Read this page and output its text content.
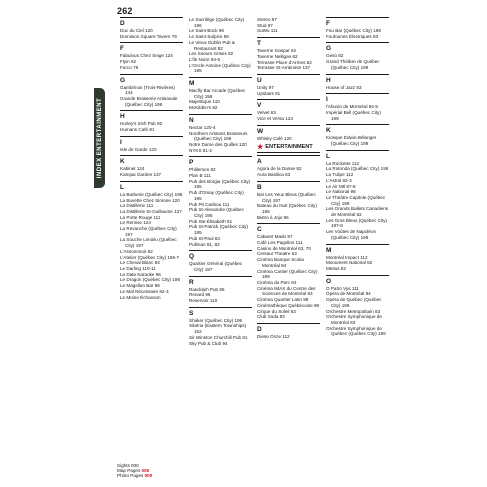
262
INDEX ENTERTAINMENT
D
Duc du Ciel 120
Dominion Square Tavern 79
F
Fabulous Chez Seige 124
Flyin 62
Furco 79
G
Gambrinus (Trois-Rivières) 144
Grande Brasserie Artisanale (Québec City) 196
H
Hurley's Irish Pub 82
Humans Café 81
I
Isle de Garde 120
K
Kabinet 124
Kampai Garden 137
L
La Barberie (Québec City) 196
La Buvette Chez Simone 120
La Distillerie 111
La Distillerie St-Guillaume 137
La Porte Rouge 111
Le Remise 124
La Revanche (Québec City) 197
La Souche Limoilu (Québec City) 197
L'Assommoir 82
L'Atelier (Québec City) 196-7
Le Cheval Blanc 94
Le Darling 110-11
Le Date Karaoke 96
Le Dragon (Québec City) 196
Le Magellan Bar 96
Le Mal Nécessaire 82-3
Le Moine Échanson
Le Sacrilège (Québec City) 196
Le Saint-Bock 96
Le Saint-Sulpice 96
Le Vieux Dublin Pub & Restaurant 82
Les Soeurs Grises 82
L'Île Noire 94-5
L'Oncle Antoine (Québec City) 195
M
Macfly Bar Arcade (Québec City) 196
Majestique 110
McKibbin's 82
N
Nectar 120-4
Nordhem Artisans Brasseurs (Québec City) 196
Notre Dame des Quilles 120
NYKS 81-2
P
Phillemon 82
Plan B 111
Pub des Borgia (Québec City) 195
Pub d'Orsay (Québec City) 195
Pub Pit Caribou 111
Pub St-Alexandre (Québec City) 195
Pub Ste-Élisabeth 81
Pub St-Patrick (Québec City) 195
Pub St-Paul 63
Pullman 81, 82
Q
Quartier Général (Québec City) 197
R
Randolph Pub 96
Renard 96
Reservoir 110
S
Shaker (Québec City) 195
Sibéria (Eastern Townships) 152
Sir Winston Churchill Pub 81
Sky Pub & Club 94
Stereo 97
Stud 97
SuWu 111
T
Taverne Gaspar 62
Taverne Nelligan 62
Terrasse Place d'Armes 62
Terrasse St-Ambroise 137
U
Unity 97
Upstairs 81
V
Velvet 63
Vice et Versa 124
W
Whisky Café 120
★ ENTERTAINMENT
A
Agora de la Danse 82
Aura Basilica 63
B
Bar Les Yeux Bleus (Québec City) 197
Bateau du Nuit (Québec City) 198
Bistro à Jojo 96
C
Cabaret Mado 97
Café Les Pagolins 111
Casino de Montréal 63, 70
Centaur Theatre 63
Cinéma Banque Scotia Montréal 84
Cinéma Cartier (Québec City) 199
Cinéma du Parc 84
Cinéma IMAX du Centre des Sciences de Montréal 63
Cinéma Quartier Latin 98
Cinémathèque Québécoise 98
Cirque du Soleil 63
Club Soda 83
D
Diese Onze 112
F
Fou Bar (Québec City) 198
Foufounes Électriques 83
G
Gesù 82
Grand Théâtre de Québec (Québec City) 199
H
House of Jazz 83
I
l'Abuvio de Montréal 94-5
Impérial Bell (Québec City) 199
K
Kiosque Edwin-Bélanger (Québec City) 199
L
La Rockette 112
La Rotonda (Québec City) 199
La Tulipe 112
L'Astral 82-3
Le Air Mtl 87-8
Le National 98
Le Théâtre Capitole (Québec City) 199
Les Grands Ballets Canadiens de Montréal 82
Les Gros Bleus (Québec City) 197-8
Les Voûtes de Napoléon (Québec City) 199
M
Montréal Impact 112
Monument National 82
Mtelus 82
O
O Patro Vys 111
Opéra de Montréal 84
Opéra de Québec (Québec City) 199
Orchestre Metropolitain 83
Orchestre Symphonique de Montréal 83
Orchestre Symphonique de Québec (Québec City) 199
Sights 000
Map Pages 000
Photo Pages 000
